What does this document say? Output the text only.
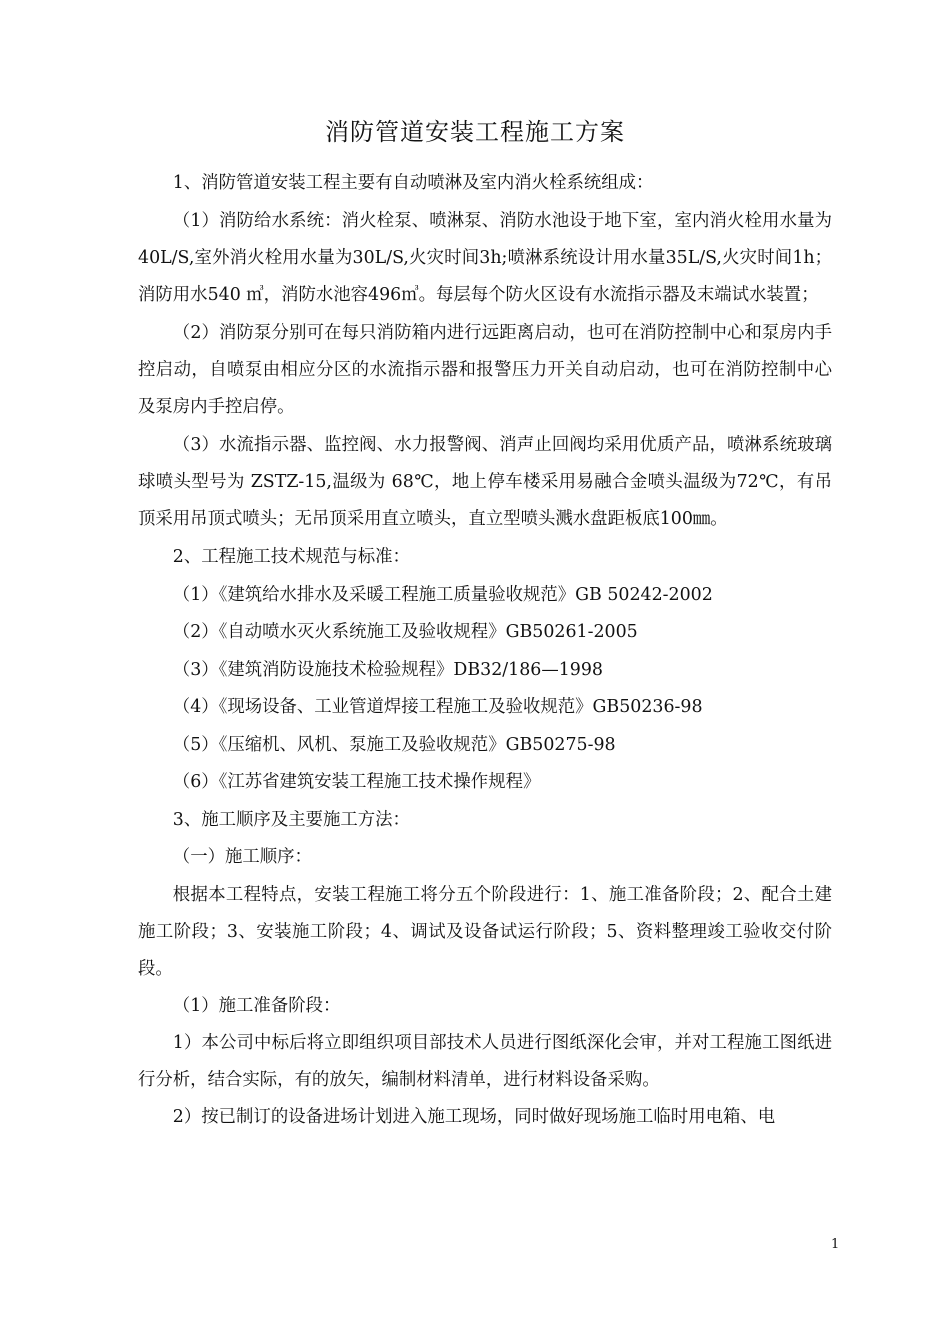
消防管道安装工程施工方案

1、消防管道安装工程主要有自动喷淋及室内消火栓系统组成：

（1）消防给水系统：消火栓泵、喷淋泵、消防水池设于地下室，室内消火栓用水量为40L/S,室外消火栓用水量为30L/S,火灾时间3h;喷淋系统设计用水量35L/S,火灾时间1h；消防用水540 ㎥，消防水池容496㎥。每层每个防火区设有水流指示器及末端试水装置；

（2）消防泵分别可在每只消防箱内进行远距离启动，也可在消防控制中心和泵房内手控启动，自喷泵由相应分区的水流指示器和报警压力开关自动启动，也可在消防控制中心及泵房内手控启停。

（3）水流指示器、监控阀、水力报警阀、消声止回阀均采用优质产品，喷淋系统玻璃球喷头型号为 ZSTZ-15,温级为 68℃，地上停车楼采用易融合金喷头温级为72℃，有吊顶采用吊顶式喷头；无吊顶采用直立喷头，直立型喷头溅水盘距板底100㎜。

2、工程施工技术规范与标准：

（1）《建筑给水排水及采暖工程施工质量验收规范》GB 50242-2002

（2）《自动喷水灭火系统施工及验收规程》GB50261-2005

（3）《建筑消防设施技术检验规程》DB32/186—1998

（4）《现场设备、工业管道焊接工程施工及验收规范》GB50236-98

（5）《压缩机、风机、泵施工及验收规范》GB50275-98

（6）《江苏省建筑安装工程施工技术操作规程》

3、施工顺序及主要施工方法：

（一）施工顺序：

根据本工程特点，安装工程施工将分五个阶段进行：1、施工准备阶段；2、配合土建施工阶段；3、安装施工阶段；4、调试及设备试运行阶段；5、资料整理竣工验收交付阶段。

（1）施工准备阶段：

1）本公司中标后将立即组织项目部技术人员进行图纸深化会审，并对工程施工图纸进行分析，结合实际，有的放矢，编制材料清单，进行材料设备采购。

2）按已制订的设备进场计划进入施工现场，同时做好现场施工临时用电箱、电

1
